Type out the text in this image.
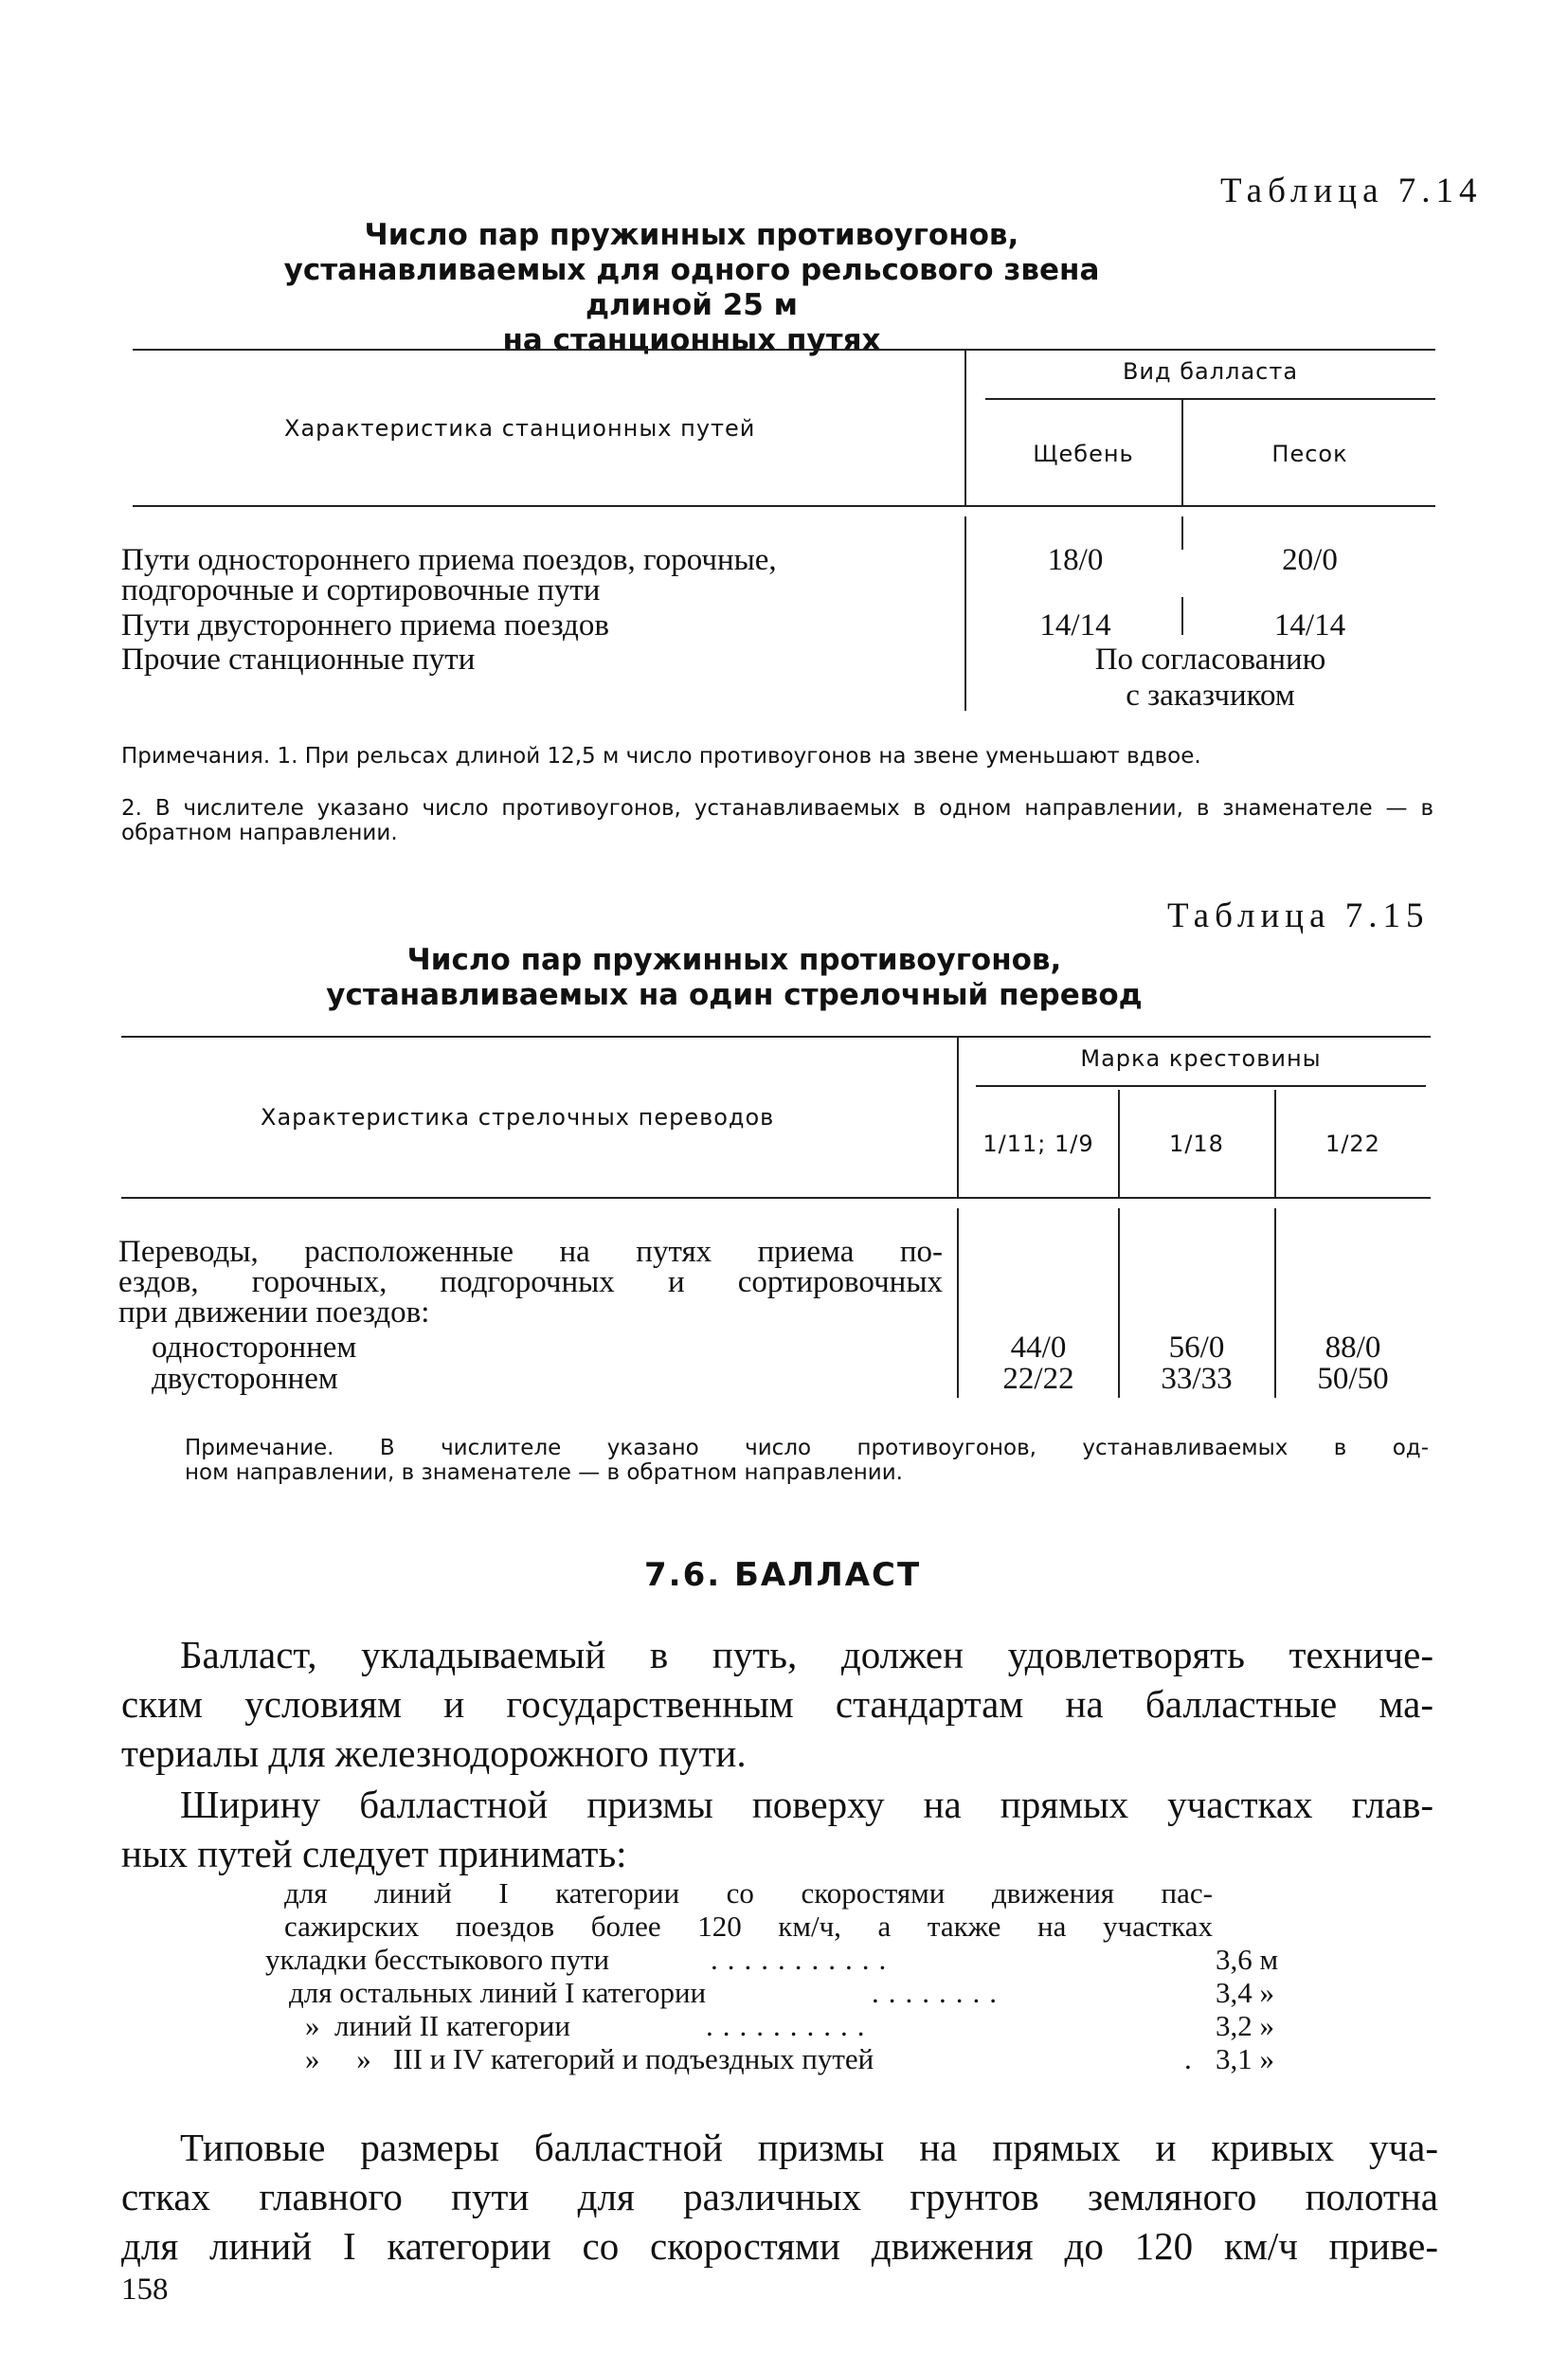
Таблица 7.14
Число пар пружинных противоугонов,
устанавливаемых для одного рельсового звена длиной 25 м
на станционных путях
Характеристика станционных путей
Вид балласта
Щебень	Песок
Пути одностороннего приема поездов, горочные,
подгорочные и сортировочные пути
18/0	20/0
Пути двустороннего приема поездов	14/14	14/14
Прочие станционные пути	По согласованию
с заказчиком
Примечания. 1. При рельсах длиной 12,5 м число противоугонов на звене уменьшают вдвое.
2. В числителе указано число противоугонов, устанавливаемых в одном направлении, в знаменателе — в обратном направлении.
Таблица 7.15
Число пар пружинных противоугонов,
устанавливаемых на один стрелочный перевод
Характеристика стрелочных переводов
Марка крестовины
1/11; 1/9	1/18	1/22
Переводы, расположенные на путях приема по-
ездов, горочных, подгорочных и сортировочных
при движении поездов:
одностороннем	44/0	56/0	88/0
двустороннем	22/22	33/33	50/50
Примечание. В числителе указано число противоугонов, устанавливаемых в од-
ном направлении, в знаменателе — в обратном направлении.
7.6. БАЛЛАСТ
Балласт, укладываемый в путь, должен удовлетворять техниче-
ским условиям и государственным стандартам на балластные ма-
териалы для железнодорожного пути.
Ширину балластной призмы поверху на прямых участках глав-
ных путей следует принимать:
для линий I категории со скоростями движения пас-
сажирских поездов более 120 км/ч, а также на участках
укладки бесстыкового пути	...........	3,6 м
для остальных линий I категории	........	3,4 »
»  линий II категории	..........	3,2 »
»     »   III и IV категорий и подъездных путей	. 3,1 »
Типовые размеры балластной призмы на прямых и кривых уча-
стках главного пути для различных грунтов земляного полотна
для линий I категории со скоростями движения до 120 км/ч приве-
158
